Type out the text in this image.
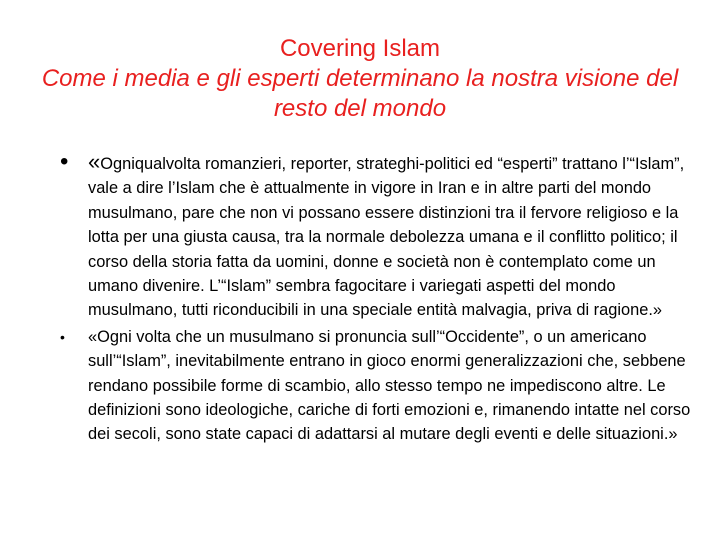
Covering Islam
Come i media e gli esperti determinano la nostra visione del resto del mondo
• «Ogniqualvolta romanzieri, reporter, strateghi-politici ed “esperti” trattano l’“Islam”, vale a dire l’Islam che è attualmente in vigore in Iran e in altre parti del mondo musulmano, pare che non vi possano essere distinzioni tra il fervore religioso e la lotta per una giusta causa, tra la normale debolezza umana e il conflitto politico; il corso della storia fatta da uomini, donne e società non è contemplato come un umano divenire. L’“Islam” sembra fagocitare i variegati aspetti del mondo musulmano, tutti riconducibili in una speciale entità malvagia, priva di ragione.»
• «Ogni volta che un musulmano si pronuncia sull’“Occidente”, o un americano sull’“Islam”, inevitabilmente entrano in gioco enormi generalizzazioni che, sebbene rendano possibile forme di scambio, allo stesso tempo ne impediscono altre. Le definizioni sono ideologiche, cariche di forti emozioni e, rimanendo intatte nel corso dei secoli, sono state capaci di adattarsi al mutare degli eventi e delle situazioni.»
